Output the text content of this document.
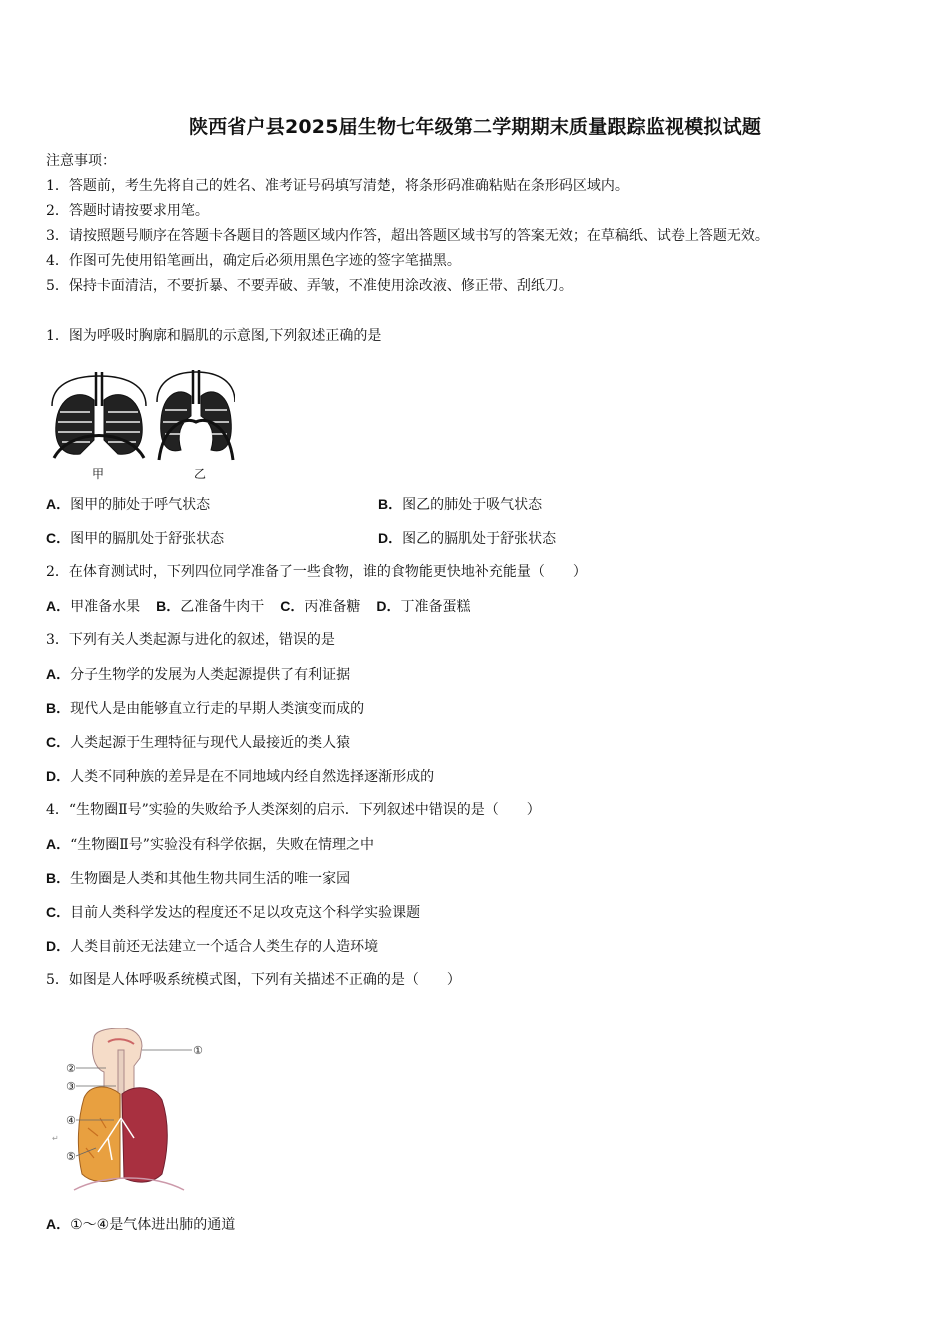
陕西省户县2025届生物七年级第二学期期末质量跟踪监视模拟试题
注意事项：
1．答题前，考生先将自己的姓名、准考证号码填写清楚，将条形码准确粘贴在条形码区域内。
2．答题时请按要求用笔。
3．请按照题号顺序在答题卡各题目的答题区域内作答，超出答题区域书写的答案无效；在草稿纸、试卷上答题无效。
4．作图可先使用铅笔画出，确定后必须用黑色字迹的签字笔描黑。
5．保持卡面清洁，不要折暴、不要弄破、弄皱，不准使用涂改液、修正带、刮纸刀。
1．图为呼吸时胸廓和膈肌的示意图,下列叙述正确的是
甲	乙
A．图甲的肺处于呼气状态	B．图乙的肺处于吸气状态
C．图甲的膈肌处于舒张状态	D．图乙的膈肌处于舒张状态
2．在体育测试时，下列四位同学准备了一些食物，谁的食物能更快地补充能量（　　）
A．甲准备水果 B．乙准备牛肉干 C．丙准备糖 D．丁准备蛋糕
3．下列有关人类起源与进化的叙述，错误的是
A．分子生物学的发展为人类起源提供了有利证据
B．现代人是由能够直立行走的早期人类演变而成的
C．人类起源于生理特征与现代人最接近的类人猿
D．人类不同种族的差异是在不同地域内经自然选择逐渐形成的
4．“生物圈Ⅱ号”实验的失败给予人类深刻的启示．下列叙述中错误的是（　　）
A．“生物圈Ⅱ号”实验没有科学依据，失败在情理之中
B．生物圈是人类和其他生物共同生活的唯一家园
C．目前人类科学发达的程度还不足以攻克这个科学实验课题
D．人类目前还无法建立一个适合人类生存的人造环境
5．如图是人体呼吸系统模式图，下列有关描述不正确的是（　　）
①
②
③
④
⑤
↵
A．①～④是气体进出肺的通道
